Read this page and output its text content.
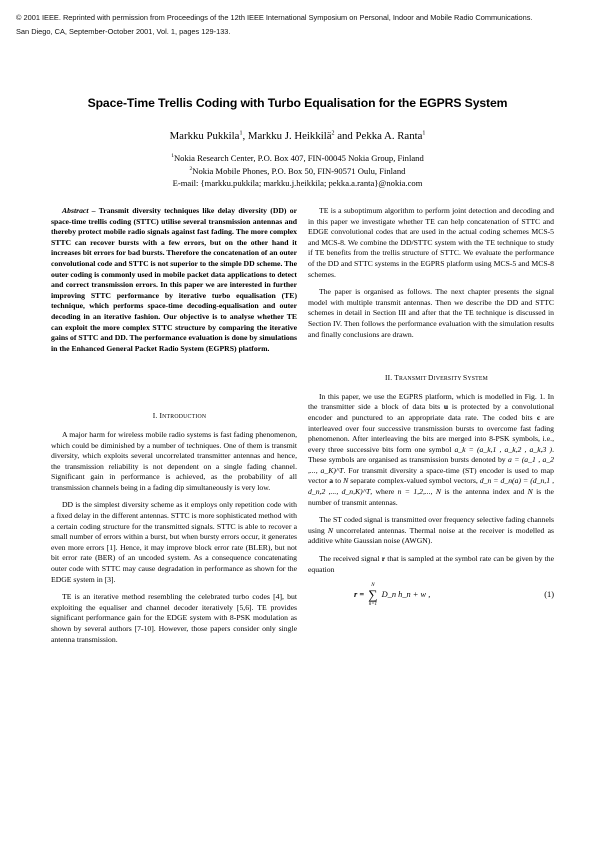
© 2001 IEEE. Reprinted with permission from Proceedings of the 12th IEEE International Symposium on Personal, Indoor and Mobile Radio Communications.
San Diego, CA, September-October 2001, Vol. 1, pages 129-133.
Space-Time Trellis Coding with Turbo Equalisation for the EGPRS System
Markku Pukkila$^1$, Markku J. Heikkilä$^2$ and Pekka A. Ranta$^1$
$^1$Nokia Research Center, P.O. Box 407, FIN-00045 Nokia Group, Finland
$^2$Nokia Mobile Phones, P.O. Box 50, FIN-90571 Oulu, Finland
E-mail: {markku.pukkila; markku.j.heikkila; pekka.a.ranta}@nokia.com

Abstract – Transmit diversity techniques like delay diversity (DD) or space-time trellis coding (STTC) utilise several transmission antennas and thereby protect mobile radio signals against fast fading. The more complex STTC can recover bursts with a few errors, but on the other hand it increases bit errors for bad bursts. Therefore the concatenation of an outer convolutional code and STTC is not superior to the simple DD scheme. The outer coding is commonly used in mobile packet data applications to detect and correct transmission errors. In this paper we are interested in further improving STTC performance by iterative turbo equalisation (TE) technique, which performs space-time decoding-equalisation and outer decoding in an iterative fashion. Our objective is to analyse whether TE can exploit the more complex STTC structure by comparing the iterative gains of STTC and DD. The performance evaluation is done by simulations in the Enhanced General Packet Radio System (EGPRS) platform.

I. INTRODUCTION

A major harm for wireless mobile radio systems is fast fading phenomenon, which could be diminished by a number of techniques. One of them is transmit diversity, which exploits several uncorrelated transmitter antennas and hence, the transmission reliability is not dependent on a single fading channel. Significant gain in performance is achieved, as the probability of all transmission channels being in a fading dip simultaneously is very low.

DD is the simplest diversity scheme as it employs only repetition code with a fixed delay in the different antennas. STTC is more sophisticated method with a certain coding structure for the transmitted signals. STTC is able to recover a small number of errors within a burst, but when bursty errors occur, it generates even more errors [1]. Hence, it may improve block error rate (BLER), but not bit error rate (BER) of an uncoded system. As a consequence concatenating outer code with STTC may cause degradation in performance as shown for the EDGE system in [3].

TE is an iterative method resembling the celebrated turbo codes [4], but exploiting the equaliser and channel decoder iteratively [5,6]. TE provides significant performance gain for the EDGE system with 8-PSK modulation as shown by several authors [7-10]. However, those papers consider only single antenna transmission.

TE is a suboptimum algorithm to perform joint detection and decoding and in this paper we investigate whether TE can help concatenation of STTC and EDGE convolutional codes that are used in the actual coding schemes MCS-5 and MCS-8. We combine the DD/STTC system with the TE technique to study if TE benefits from the trellis structure of STTC. We evaluate the performance of the DD and STTC systems in the EGPRS platform using MCS-5 and MCS-8 schemes.

The paper is organised as follows. The next chapter presents the signal model with multiple transmit antennas. Then we describe the DD and STTC schemes in detail in Section III and after that the TE technique is discussed in Section IV. Then follows the performance evaluation with the simulation results and finally conclusions are drawn.

II. TRANSMIT DIVERSITY SYSTEM

In this paper, we use the EGPRS platform, which is modelled in Fig. 1. In the transmitter side a block of data bits u is protected by a convolutional encoder and punctured to an appropriate data rate. The coded bits c are interleaved over four successive transmission bursts to overcome fast fading phenomenon. After interleaving the bits are merged into 8-PSK symbols, i.e., every three successive bits form one symbol a_k = (a_k,1 , a_k,2 , a_k,3 ). These symbols are organised as transmission bursts denoted by a = (a_1 , a_2 ,..., a_K)^T. For transmit diversity a space-time (ST) encoder is used to map vector a to N separate complex-valued symbol vectors, d_n = d_n(a) = (d_n,1 , d_n,2 ,..., d_n,K)^T, where n = 1,2,..., N is the antenna index and N is the number of transmit antennas.

The ST coded signal is transmitted over frequency selective fading channels using N uncorrelated antennas. Thermal noise at the receiver is modelled as additive white Gaussian noise (AWGN).

The received signal r that is sampled at the symbol rate can be given by the equation

r =
N
∑
n=1
D_n h_n + w ,	(1)
